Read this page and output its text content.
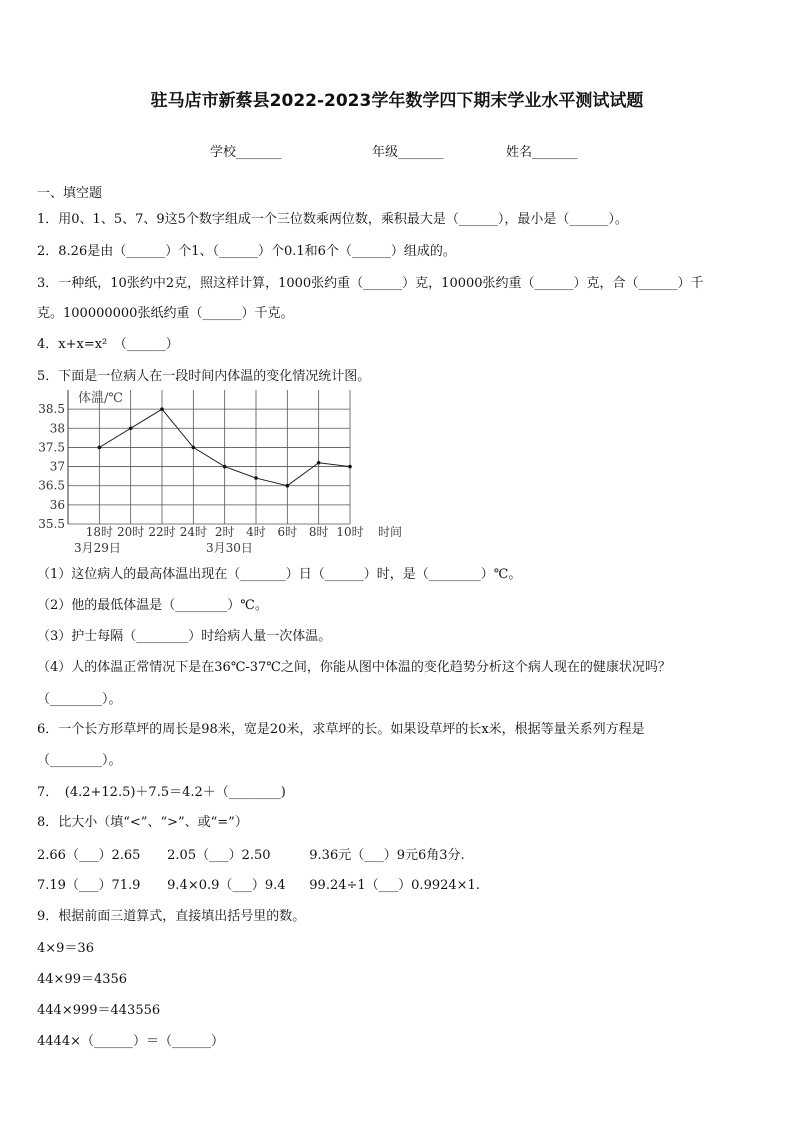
驻马店市新蔡县2022-2023学年数学四下期末学业水平测试试题
学校_______	年级_______	姓名_______
一、填空题
1．用0、1、5、7、9这5个数字组成一个三位数乘两位数，乘积最大是（______），最小是（______）。
2．8.26是由（______）个1、（______）个0.1和6个（______）组成的。
3．一种纸，10张约中2克，照这样计算，1000张约重（______）克，10000张约重（______）克，合（______）千
克。100000000张纸约重（______）千克。
4．x+x=x²　（______）
5．下面是一位病人在一段时间内体温的变化情况统计图。
38.5
38
37.5
37
36.5
36
35.5
18时 20时 22时 24时 2时 4时 6时 8时 10时
体温/℃
时间
3月29日	3月30日
（1）这位病人的最高体温出现在（_______）日（______）时，是（________）℃。
（2）他的最低体温是（________）℃。
（3）护士每隔（________）时给病人量一次体温。
（4）人的体温正常情况下是在36℃-37℃之间，你能从图中体温的变化趋势分析这个病人现在的健康状况吗？
（________）。
6．一个长方形草坪的周长是98米，宽是20米，求草坪的长。如果设草坪的长x米，根据等量关系列方程是
（________）。
7．　(4.2+12.5)＋7.5＝4.2＋（________)
8．比大小（填“<”、“>”、或“=”）
2.66（___）2.65 2.05（___）2.50	9.36元（___）9元6角3分.
7.19（___）71.9 9.4×0.9（___）9.4 99.24÷1（___）0.9924×1.
9．根据前面三道算式，直接填出括号里的数。
4×9＝36
44×99＝4356
444×999＝443556
4444×（______）＝（______）
